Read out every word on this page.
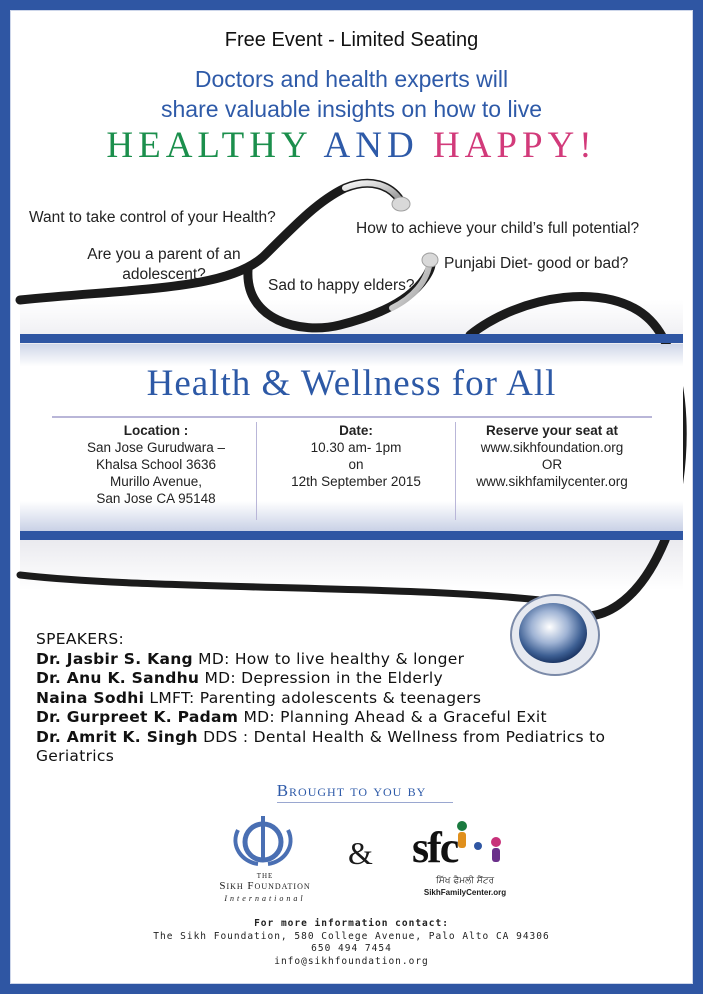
Free Event - Limited Seating
Doctors and health experts will
share valuable insights on how to live
HEALTHY AND HAPPY!
Want to take control of your Health?
How to achieve your child’s full potential?
Are you a parent of an
adolescent?
Punjabi Diet- good or bad?
Sad to happy elders?
Health & Wellness for All
Location :
San Jose Gurudwara –
Khalsa School 3636
Murillo Avenue,
San Jose CA 95148
Date:
10.30 am- 1pm
on
12th September 2015
Reserve your seat at
www.sikhfoundation.org
OR
www.sikhfamilycenter.org
SPEAKERS:
Dr. Jasbir S. Kang MD: How to live healthy & longer
Dr. Anu K. Sandhu MD: Depression in the Elderly
Naina Sodhi LMFT: Parenting adolescents & teenagers
Dr. Gurpreet K. Padam MD: Planning Ahead & a Graceful Exit
Dr. Amrit K. Singh DDS : Dental Health & Wellness from Pediatrics to Geriatrics
Brought to you by
THE
Sikh Foundation
International
& sfc
ਸਿੱਖ ਫੈਮਲੀ ਸੈਂਟਰ
SikhFamilyCenter.org
For more information contact:
The Sikh Foundation, 580 College Avenue, Palo Alto CA 94306
650 494 7454
info@sikhfoundation.org
